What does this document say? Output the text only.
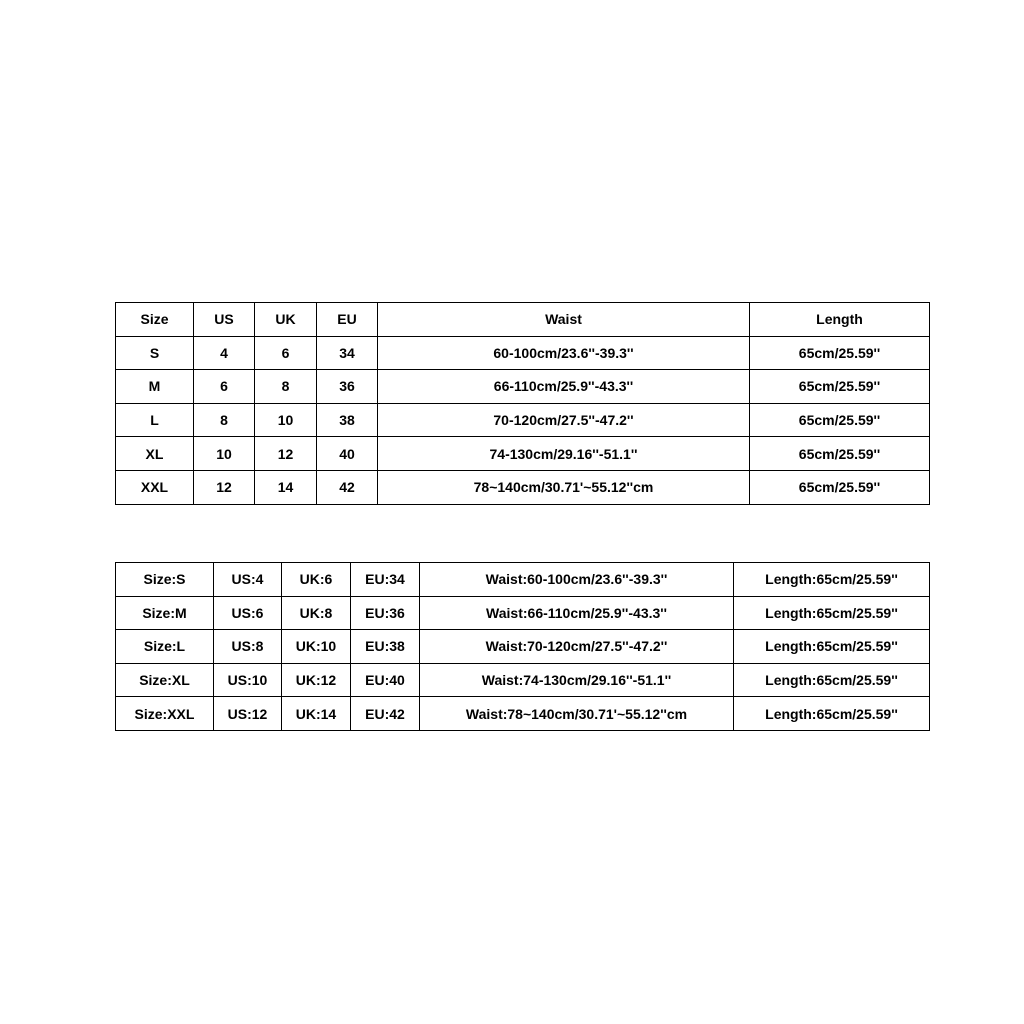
Size	US	UK	EU	Waist	Length
S	4	6	34	60-100cm/23.6''-39.3''	65cm/25.59''
M	6	8	36	66-110cm/25.9''-43.3''	65cm/25.59''
L	8	10	38	70-120cm/27.5''-47.2''	65cm/25.59''
XL	10	12	40	74-130cm/29.16''-51.1''	65cm/25.59''
XXL	12	14	42	78~140cm/30.71'~55.12''cm	65cm/25.59''
Size:S	US:4	UK:6	EU:34	Waist:60-100cm/23.6''-39.3''	Length:65cm/25.59''
Size:M	US:6	UK:8	EU:36	Waist:66-110cm/25.9''-43.3''	Length:65cm/25.59''
Size:L	US:8	UK:10	EU:38	Waist:70-120cm/27.5''-47.2''	Length:65cm/25.59''
Size:XL	US:10	UK:12	EU:40	Waist:74-130cm/29.16''-51.1''	Length:65cm/25.59''
Size:XXL	US:12	UK:14	EU:42	Waist:78~140cm/30.71'~55.12''cm	Length:65cm/25.59''
